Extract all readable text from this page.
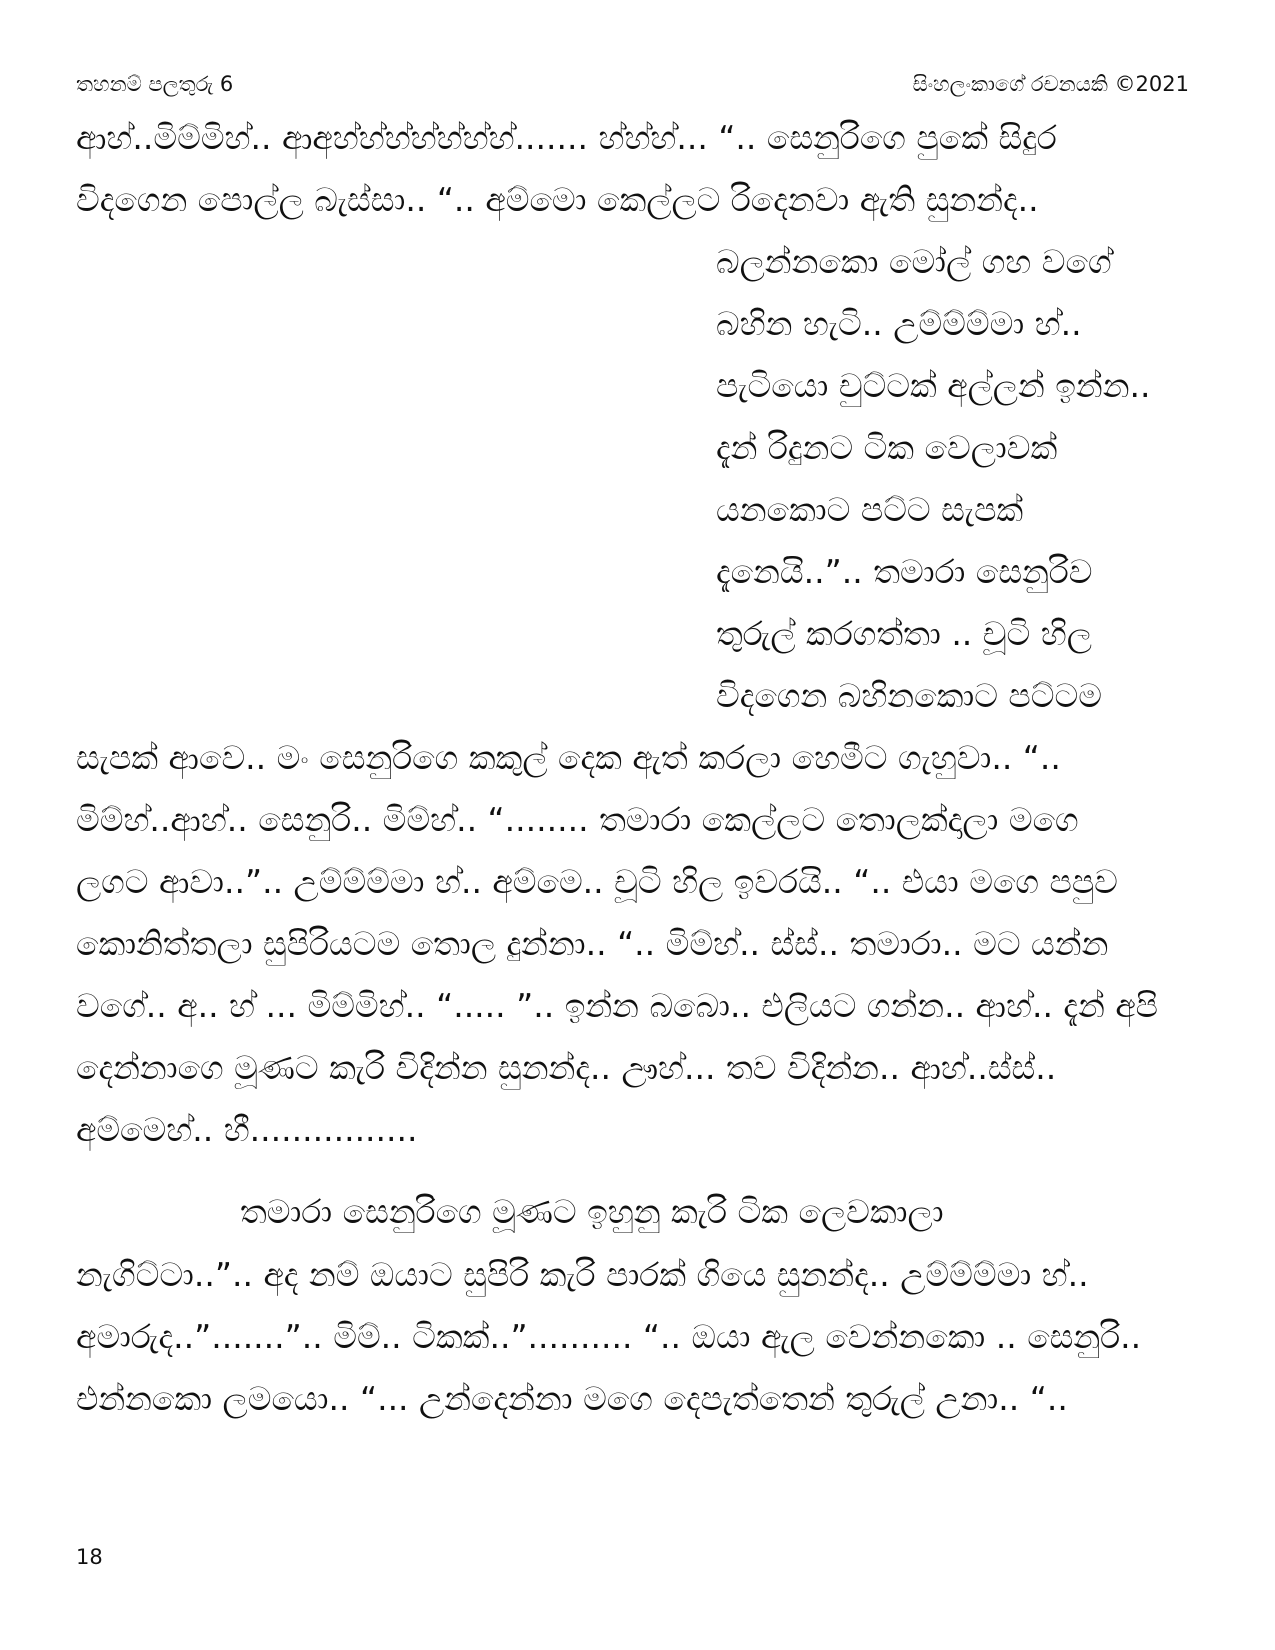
තහනම් පලතුරු 6	සිංහලංකාගේ රචනයකි ©2021
ආහ්..මිම්මිහ්.. ආඅහ්හ්හ්හ්හ්හ්හ්....... හ්හ්හ්... “.. සෙනුරිගෙ පුකේ සිදුර
විදගෙන පොල්ල බැස්සා.. “.. අම්මො කෙල්ලට රිදෙනවා ඇති සුනන්ද..
බලන්නකො මෝල් ගහ වගේ
බහින හැටි.. උම්ම්ම්මා හ්..
පැටියො චුට්ටක් අල්ලන් ඉන්න..
දැන් රිදුනට ටික වෙලාවක්
යනකොට පට්ට සැපක්
දැනෙයි..”.. තමාරා සෙනුරිව
තුරුල් කරගත්තා .. චූටි හිල
විදගෙන බහිනකොට පට්ටම
සැපක් ආවෙ.. මං සෙනුරිගෙ කකුල් දෙක ඇත් කරලා හෙමීට ගැහුවා.. “..
මිම්හ්..ආහ්.. සෙනුරි.. මිම්හ්.. “........ තමාරා කෙල්ලට තොලක්දාලා මගෙ
ලගට ආවා..”.. උම්ම්ම්මා හ්.. අම්මෙ.. චූටි හිල ඉවරයි.. “.. එයා මගෙ පපුව
කොනිත්තලා සුපිරියටම තොල දුන්නා.. “.. මිම්හ්.. ස්ස්.. තමාරා.. මට යන්න
වගේ.. අ.. හ් ... මිම්මිහ්.. “..... ”.. ඉන්න බබො.. එලියට ගන්න.. ආහ්.. දැන් අපි
දෙන්නාගෙ මූණට කැරි විදින්න සුනන්ද.. ඌහ්... තව විදින්න.. ආහ්..ස්ස්..
අම්මෙහ්.. හී................
තමාරා සෙනුරිගෙ මූණට ඉහුනු කැරි ටික ලෙවකාලා
නැගිට්ටා..”.. අද නම් ඔයාට සුපිරි කැරි පාරක් ගියෙ සුනන්ද.. උම්ම්ම්මා හ්..
අමාරුද..”.......”.. මිම්.. ටිකක්..”.......... “.. ඔයා ඇල වෙන්නකො .. සෙනුරි..
එන්නකො ලමයො.. “... උන්දෙන්නා මගෙ දෙපැත්තෙන් තුරුල් උනා.. “..
18
